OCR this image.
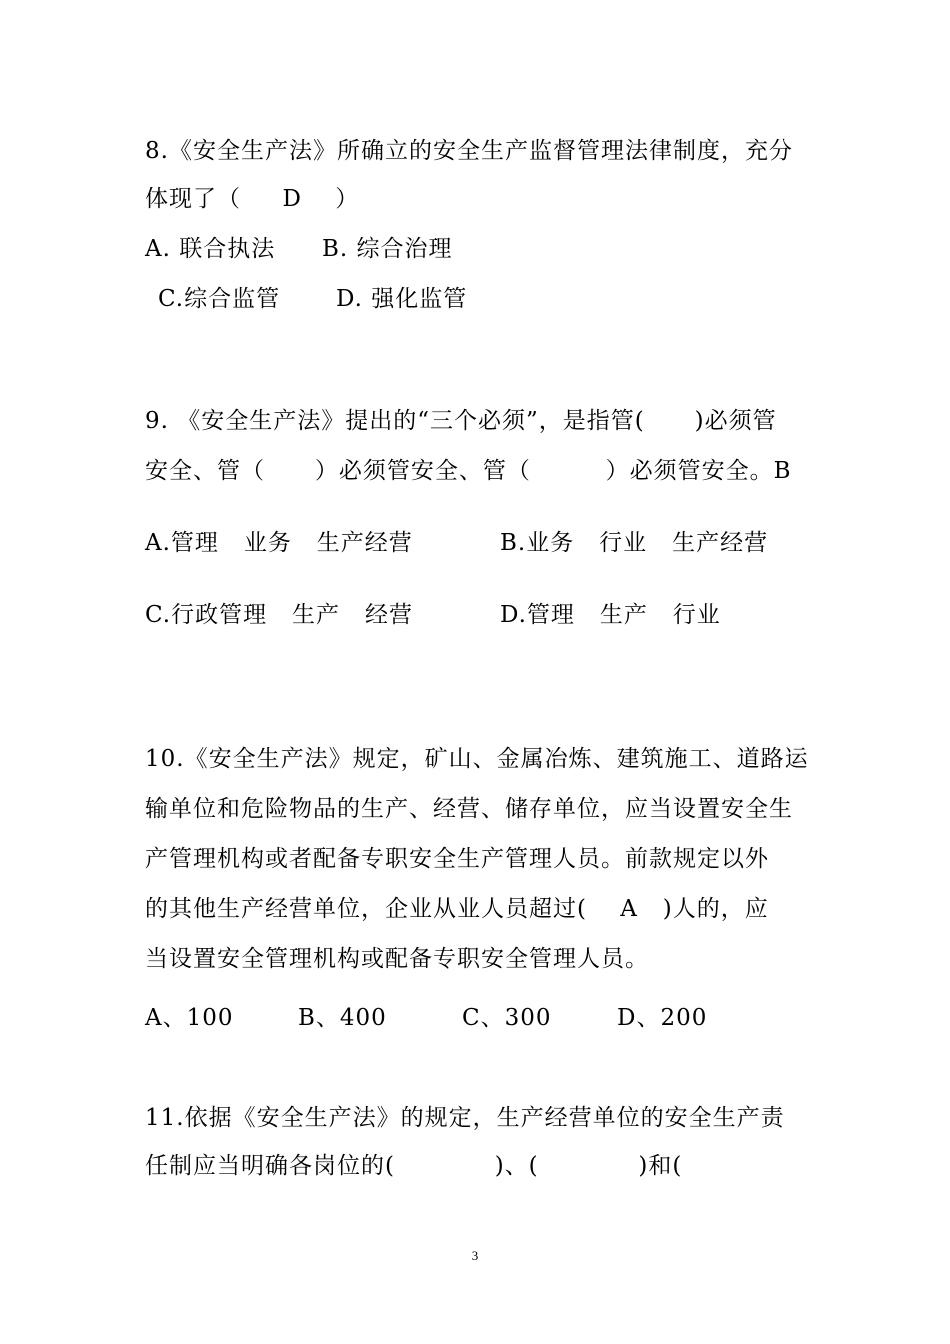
8.《安全生产法》所确立的安全生产监督管理法律制度，充分
体现了（     D    ）
A. 联合执法 B. 综合治理
C.综合监管 D. 强化监管
9. 《安全生产法》提出的“三个必须”，是指管(      )必须管
安全、管（      ）必须管安全、管（         ）必须管安全。B
A.管理   业务   生产经营	B.业务   行业   生产经营
C.行政管理   生产   经营	D.管理   生产   行业
10.《安全生产法》规定，矿山、金属冶炼、建筑施工、道路运
输单位和危险物品的生产、经营、储存单位，应当设置安全生
产管理机构或者配备专职安全生产管理人员。前款规定以外
的其他生产经营单位，企业从业人员超过(    A   )人的，应
当设置安全管理机构或配备专职安全管理人员。
A、100	B、400	C、300	D、200
11.依据《安全生产法》的规定，生产经营单位的安全生产责
任制应当明确各岗位的(            )、(            )和(
3
